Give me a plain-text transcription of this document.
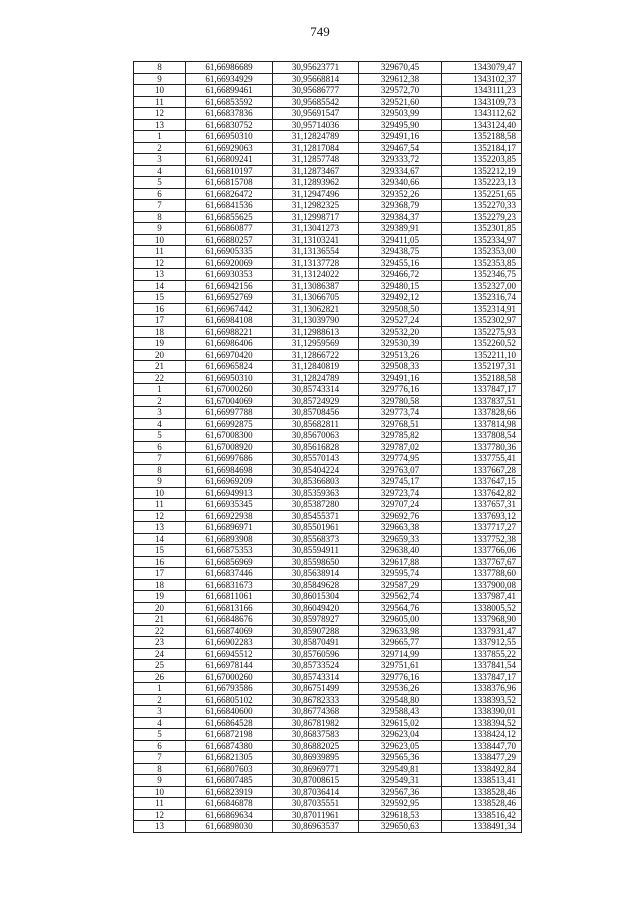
749
8	61,66986689	30,95623771	329670,45	1343079,47
9	61,66934929	30,95668814	329612,38	1343102,37
10	61,66899461	30,95686777	329572,70	1343111,23
11	61,66853592	30,95685542	329521,60	1343109,73
12	61,66837836	30,95691547	329503,99	1343112,62
13	61,66830752	30,95714036	329495,90	1343124,40
1	61,66950310	31,12824789	329491,16	1352188,58
2	61,66929063	31,12817084	329467,54	1352184,17
3	61,66809241	31,12857748	329333,72	1352203,85
4	61,66810197	31,12873467	329334,67	1352212,19
5	61,66815708	31,12893962	329340,66	1352223,13
6	61,66826472	31,12947496	329352,26	1352251,65
7	61,66841536	31,12982325	329368,79	1352270,33
8	61,66855625	31,12998717	329384,37	1352279,23
9	61,66860877	31,13041273	329389,91	1352301,85
10	61,66880257	31,13103241	329411,05	1352334,97
11	61,66905335	31,13136554	329438,75	1352353,00
12	61,66920069	31,13137728	329455,16	1352353,85
13	61,66930353	31,13124022	329466,72	1352346,75
14	61,66942156	31,13086387	329480,15	1352327,00
15	61,66952769	31,13066705	329492,12	1352316,74
16	61,66967442	31,13062821	329508,50	1352314,91
17	61,66984108	31,13039790	329527,24	1352302,97
18	61,66988221	31,12988613	329532,20	1352275,93
19	61,66986406	31,12959569	329530,39	1352260,52
20	61,66970420	31,12866722	329513,26	1352211,10
21	61,66965824	31,12840819	329508,33	1352197,31
22	61,66950310	31,12824789	329491,16	1352188,58
1	61,67000260	30,85743314	329776,16	1337847,17
2	61,67004069	30,85724929	329780,58	1337837,51
3	61,66997788	30,85708456	329773,74	1337828,66
4	61,66992875	30,85682811	329768,51	1337814,98
5	61,67008300	30,85670063	329785,82	1337808,54
6	61,67008920	30,85616828	329787,02	1337780,36
7	61,66997686	30,85570143	329774,95	1337755,41
8	61,66984698	30,85404224	329763,07	1337667,28
9	61,66969209	30,85366803	329745,17	1337647,15
10	61,66949913	30,85359363	329723,74	1337642,82
11	61,66935345	30,85387280	329707,24	1337657,31
12	61,66922938	30,85455371	329692,76	1337693,12
13	61,66896971	30,85501961	329663,38	1337717,27
14	61,66893908	30,85568373	329659,33	1337752,38
15	61,66875353	30,85594911	329638,40	1337766,06
16	61,66856969	30,85598650	329617,88	1337767,67
17	61,66837446	30,85638914	329595,74	1337788,60
18	61,66831673	30,85849628	329587,29	1337900,08
19	61,66811061	30,86015304	329562,74	1337987,41
20	61,66813166	30,86049420	329564,76	1338005,52
21	61,66848676	30,85978927	329605,00	1337968,90
22	61,66874069	30,85907288	329633,98	1337931,47
23	61,66902283	30,85870491	329665,77	1337912,55
24	61,66945512	30,85760596	329714,99	1337855,22
25	61,66978144	30,85733524	329751,61	1337841,54
26	61,67000260	30,85743314	329776,16	1337847,17
1	61,66793586	30,86751499	329536,26	1338376,96
2	61,66805102	30,86782333	329548,80	1338393,52
3	61,66840600	30,86774368	329588,43	1338390,01
4	61,66864528	30,86781982	329615,02	1338394,52
5	61,66872198	30,86837583	329623,04	1338424,12
6	61,66874380	30,86882025	329623,05	1338447,70
7	61,66821305	30,86939895	329565,36	1338477,29
8	61,66807603	30,86969771	329549,81	1338492,84
9	61,66807485	30,87008615	329549,31	1338513,41
10	61,66823919	30,87036414	329567,36	1338528,46
11	61,66846878	30,87035551	329592,95	1338528,46
12	61,66869634	30,87011961	329618,53	1338516,42
13	61,66898030	30,86963537	329650,63	1338491,34
